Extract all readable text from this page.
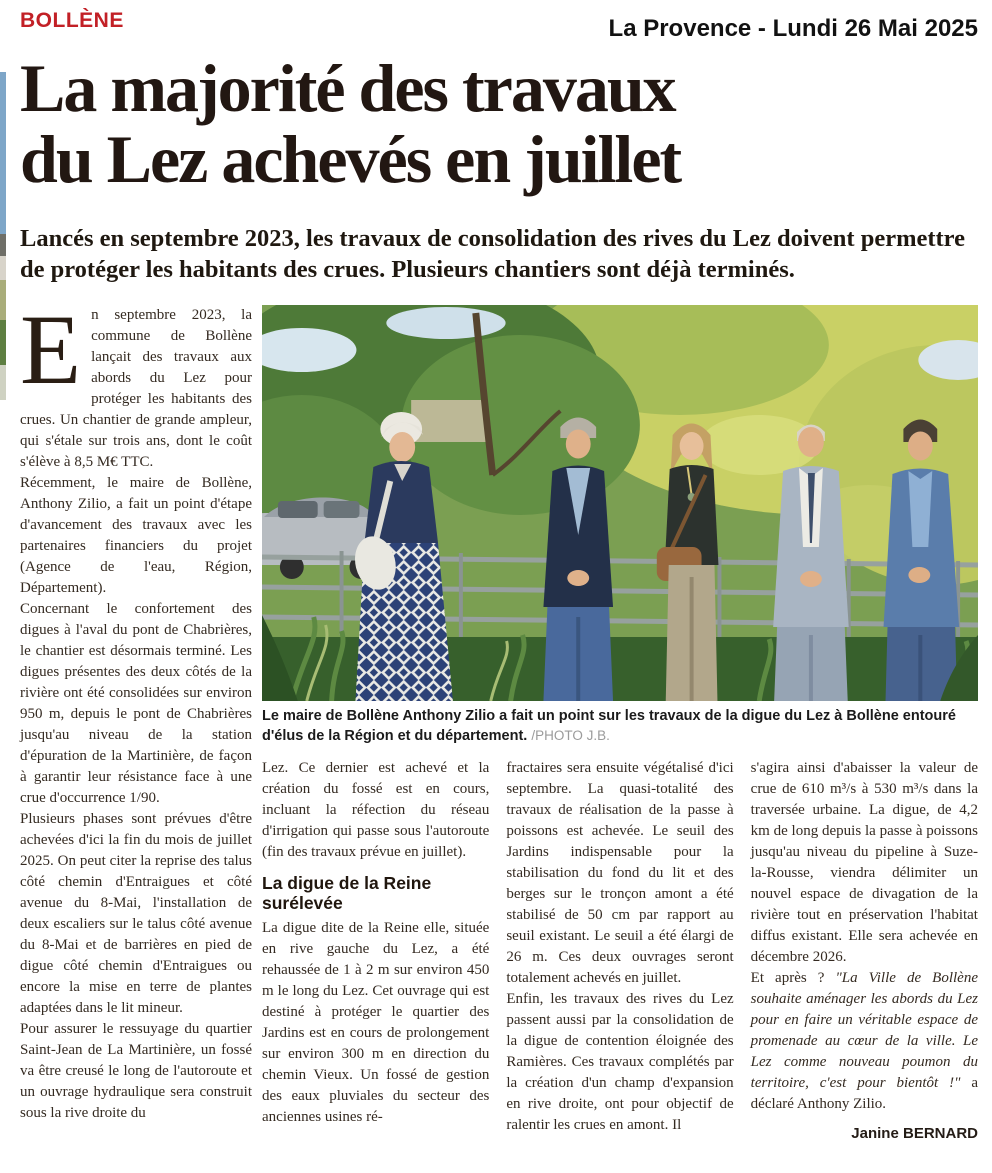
BOLLÈNE	La Provence - Lundi 26 Mai 2025
La majorité des travaux
du Lez achevés en juillet
Lancés en septembre 2023, les travaux de consolidation des rives du Lez doivent permettre de protéger les habitants des crues. Plusieurs chantiers sont déjà terminés.

En septembre 2023, la commune de Bollène lançait des travaux aux abords du Lez pour protéger les habitants des crues. Un chantier de grande ampleur, qui s'étale sur trois ans, dont le coût s'élève à 8,5 M€ TTC.

Récemment, le maire de Bollène, Anthony Zilio, a fait un point d'étape d'avancement des travaux avec les partenaires financiers du projet (Agence de l'eau, Région, Département).

Concernant le confortement des digues à l'aval du pont de Chabrières, le chantier est désormais terminé. Les digues présentes des deux côtés de la rivière ont été consolidées sur environ 950 m, depuis le pont de Chabrières jusqu'au niveau de la station d'épuration de la Martinière, de façon à garantir leur résistance face à une crue d'occurrence 1/90.

Plusieurs phases sont prévues d'être achevées d'ici la fin du mois de juillet 2025. On peut citer la reprise des talus côté chemin d'Entraigues et côté avenue du 8-Mai, l'installation de deux escaliers sur le talus côté avenue du 8-Mai et de barrières en pied de digue côté chemin d'Entraigues ou encore la mise en terre de plantes adaptées dans le lit mineur.

Pour assurer le ressuyage du quartier Saint-Jean de La Martinière, un fossé va être creusé le long de l'autoroute et un ouvrage hydraulique sera construit sous la rive droite du

Le maire de Bollène Anthony Zilio a fait un point sur les travaux de la digue du Lez à Bollène entouré d'élus de la Région et du département. /PHOTO J.B.

Lez. Ce dernier est achevé et la création du fossé est en cours, incluant la réfection du réseau d'irrigation qui passe sous l'autoroute (fin des travaux prévue en juillet).

La digue de la Reine surélevée

La digue dite de la Reine elle, située en rive gauche du Lez, a été rehaussée de 1 à 2 m sur environ 450 m le long du Lez. Cet ouvrage qui est destiné à protéger le quartier des Jardins est en cours de prolongement sur environ 300 m en direction du chemin Vieux. Un fossé de gestion des eaux pluviales du secteur des anciennes usines ré-

fractaires sera ensuite végétalisé d'ici septembre. La quasi-totalité des travaux de réalisation de la passe à poissons est achevée. Le seuil des Jardins indispensable pour la stabilisation du fond du lit et des berges sur le tronçon amont a été stabilisé de 50 cm par rapport au seuil existant. Le seuil a été élargi de 26 m. Ces deux ouvrages seront totalement achevés en juillet.

Enfin, les travaux des rives du Lez passent aussi par la consolidation de la digue de contention éloignée des Ramières. Ces travaux complétés par la création d'un champ d'expansion en rive droite, ont pour objectif de ralentir les crues en amont. Il

s'agira ainsi d'abaisser la valeur de crue de 610 m³/s à 530 m³/s dans la traversée urbaine. La digue, de 4,2 km de long depuis la passe à poissons jusqu'au niveau du pipeline à Suze-la-Rousse, viendra délimiter un nouvel espace de divagation de la rivière tout en préservation l'habitat diffus existant. Elle sera achevée en décembre 2026.

Et après ? "La Ville de Bollène souhaite aménager les abords du Lez pour en faire un véritable espace de promenade au cœur de la ville. Le Lez comme nouveau poumon du territoire, c'est pour bientôt !" a déclaré Anthony Zilio.

Janine BERNARD
